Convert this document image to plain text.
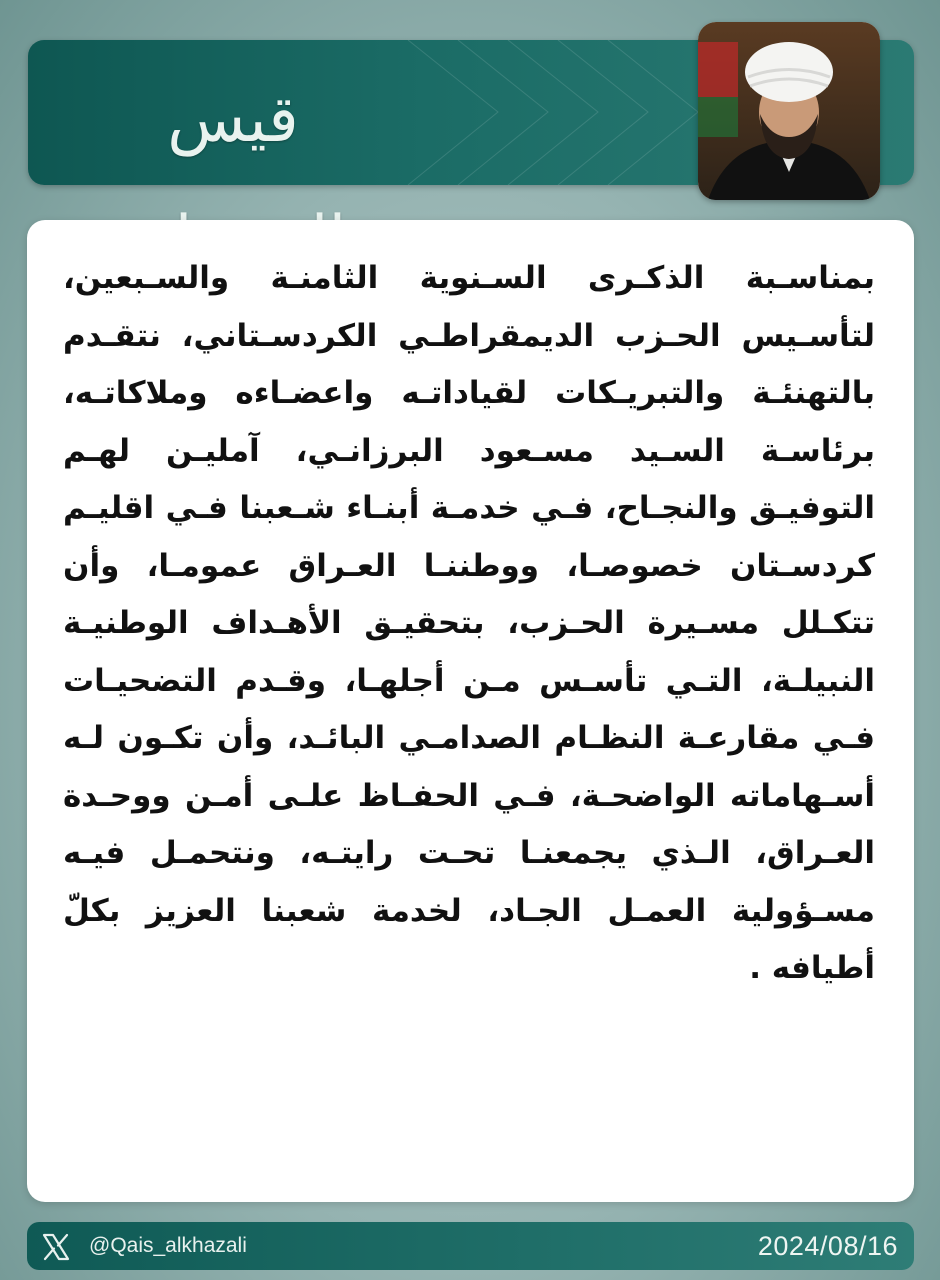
قيس

بمناسـبة الذكـرى السـنوية الثامنـة والسـبعين، لتأسـيس الحـزب الديمقراطـي الكردسـتاني، نتقـدم بالتهنئـة والتبريـكات لقياداتـه واعضـاءه وملاكاتـه، برئاسـة السـيد مسـعود البرزانـي، آمليـن لهـم التوفيـق والنجـاح، فـي خدمـة أبنـاء شـعبنا فـي اقليـم كردسـتان خصوصـا، ووطننـا العـراق عمومـا، وأن تتكـلل مسـيرة الحـزب، بتحقيـق الأهـداف الوطنيـة النبيلـة، التـي تأسـس مـن أجلهـا، وقـدم التضحيـات فـي مقارعـة النظـام الصدامـي البائـد، وأن تكـون لـه أسـهاماته الواضحـة، فـي الحفـاظ علـى أمـن ووحـدة العـراق، الـذي يجمعنـا تحـت رايتـه، ونتحمـل فيـه مسـؤولية العمـل الجـاد، لخدمة شعبنا العزيز بكلّ أطيافه .

@Qais_alkhazali	2024/08/16
